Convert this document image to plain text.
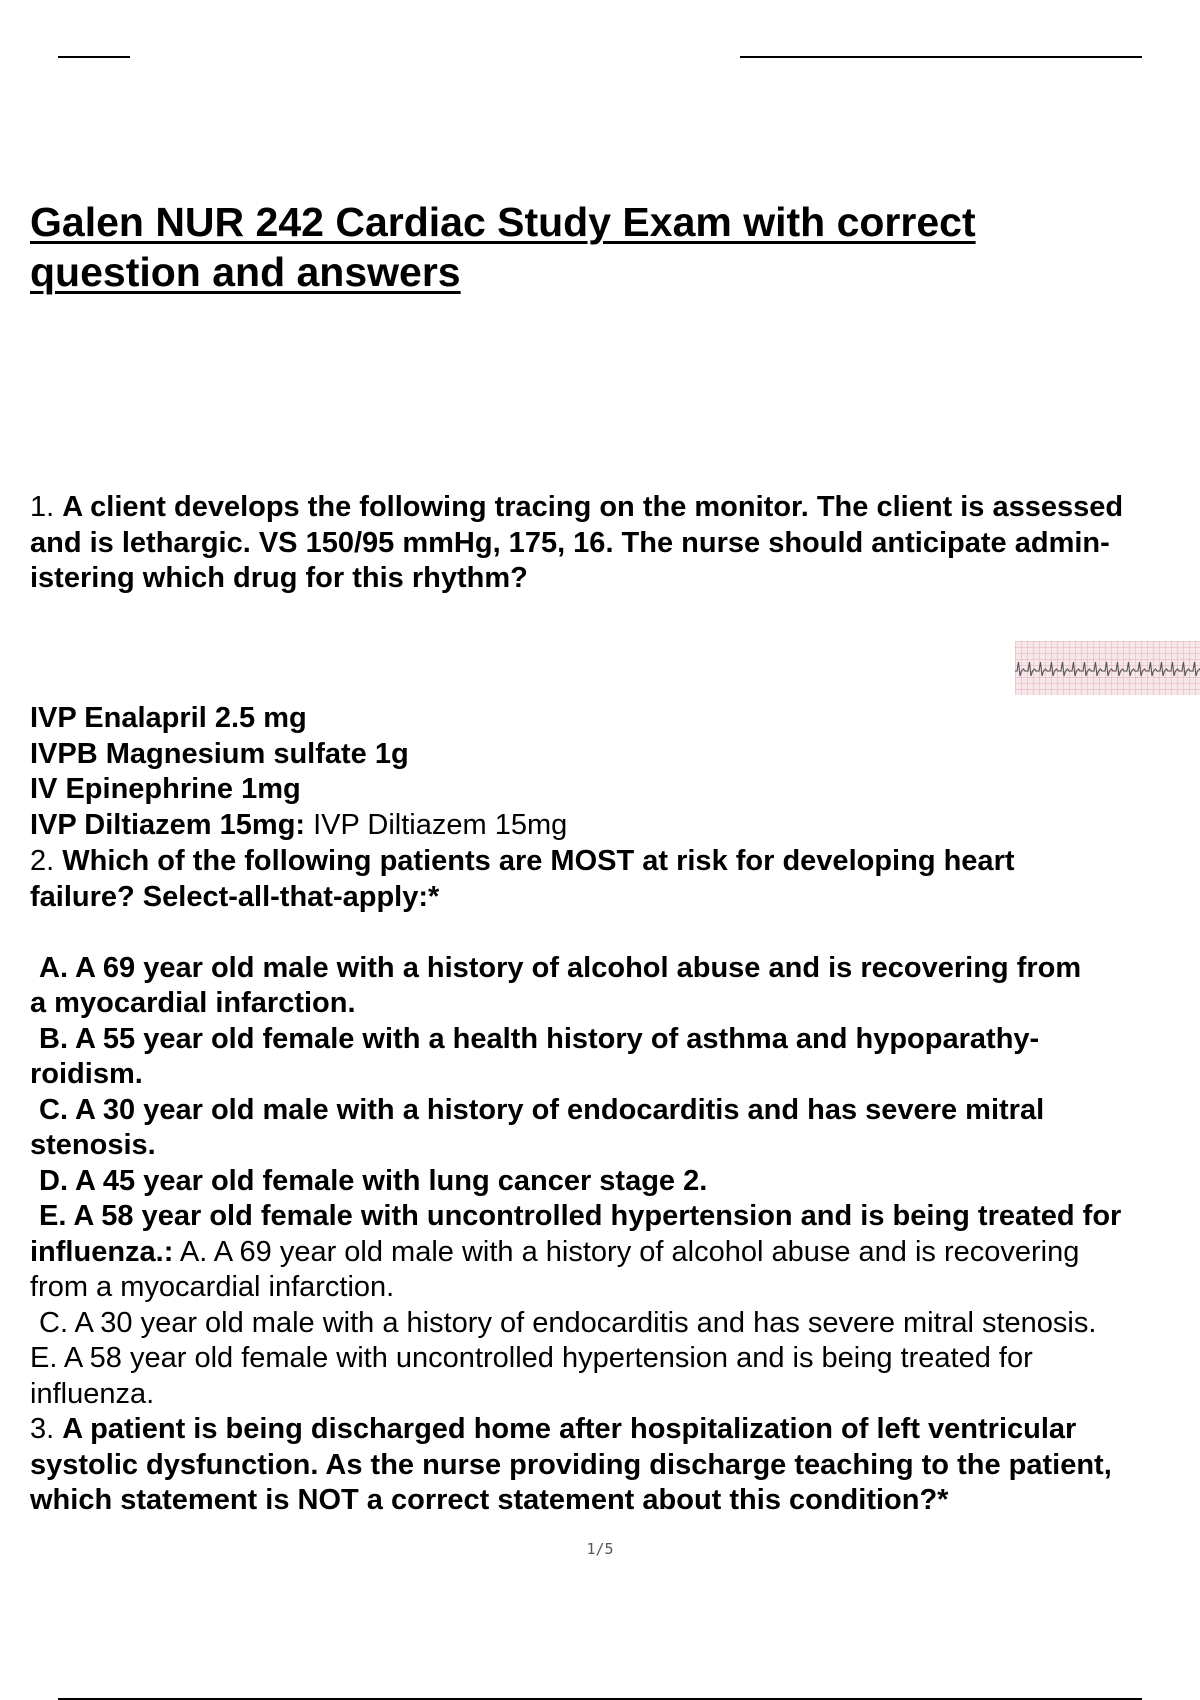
Galen NUR 242 Cardiac Study Exam with correct
question and answers
1. A client develops the following tracing on the monitor. The client is assessed
and is lethargic. VS 150/95 mmHg, 175, 16. The nurse should anticipate admin-
istering which drug for this rhythm?
IVP Enalapril 2.5 mg
IVPB Magnesium sulfate 1g
IV Epinephrine 1mg
IVP Diltiazem 15mg: IVP Diltiazem 15mg
2. Which of the following patients are MOST at risk for developing heart
failure? Select-all-that-apply:*

A. A 69 year old male with a history of alcohol abuse and is recovering from
a myocardial infarction.
B. A 55 year old female with a health history of asthma and hypoparathy-
roidism.
C. A 30 year old male with a history of endocarditis and has severe mitral
stenosis.
D. A 45 year old female with lung cancer stage 2.
E. A 58 year old female with uncontrolled hypertension and is being treated for
influenza.: A. A 69 year old male with a history of alcohol abuse and is recovering
from a myocardial infarction.
C. A 30 year old male with a history of endocarditis and has severe mitral stenosis.
E. A 58 year old female with uncontrolled hypertension and is being treated for
influenza.
3. A patient is being discharged home after hospitalization of left ventricular
systolic dysfunction. As the nurse providing discharge teaching to the patient,
which statement is NOT a correct statement about this condition?*
1/5
